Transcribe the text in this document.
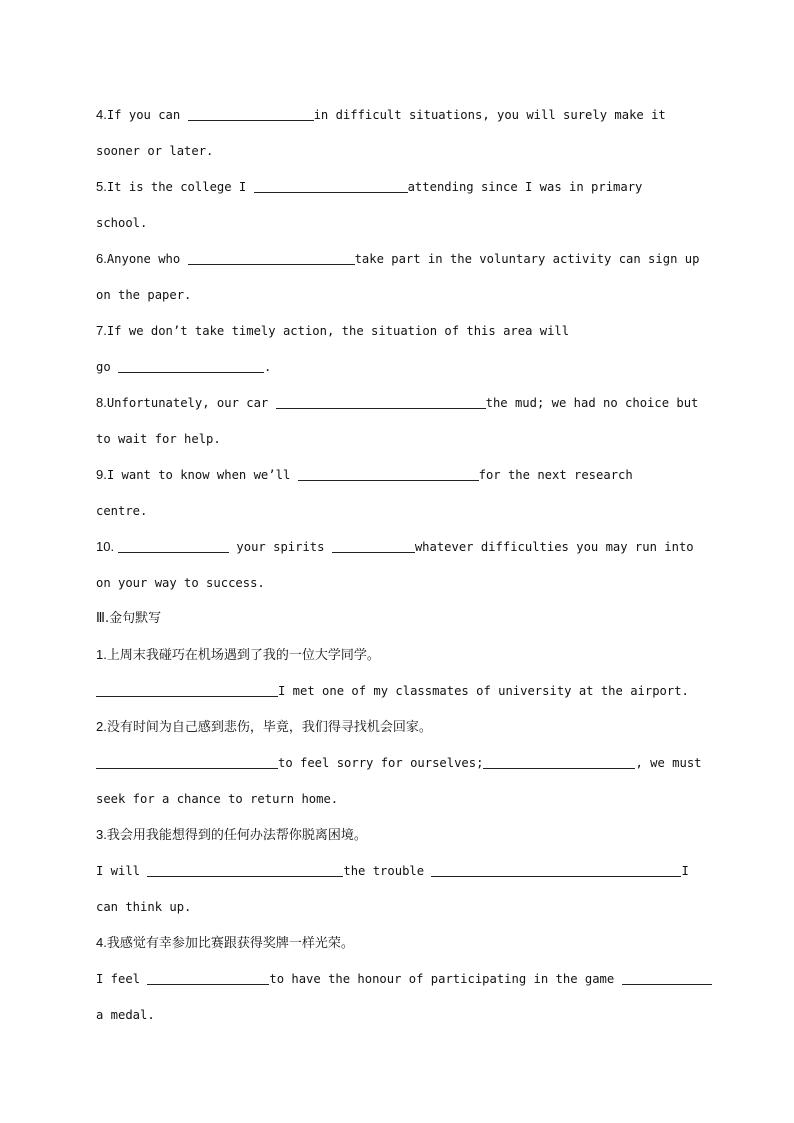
4.If you can	in difficult situations, you will surely make it
sooner or later.
5.It is the college I	attending since I was in primary
school.
6.Anyone who	take part in the voluntary activity can sign up
on the paper.
7.If we don’t take timely action, the situation of this area will
go	.
8.Unfortunately, our car	the mud; we had no choice but
to wait for help.
9.I want to know when we’ll	for the next research
centre.
10.	your spirits	whatever difficulties you may run into
on your way to success.
Ⅲ.金句默写
1.上周末我碰巧在机场遇到了我的一位大学同学。
I met one of my classmates of university at the airport.
2.没有时间为自己感到悲伤，毕竟，我们得寻找机会回家。
to feel sorry for ourselves;	, we must
seek for a chance to return home.
3.我会用我能想得到的任何办法帮你脱离困境。
I will	the trouble	I
can think up.
4.我感觉有幸参加比赛跟获得奖牌一样光荣。
I feel	to have the honour of participating in the game
a medal.
